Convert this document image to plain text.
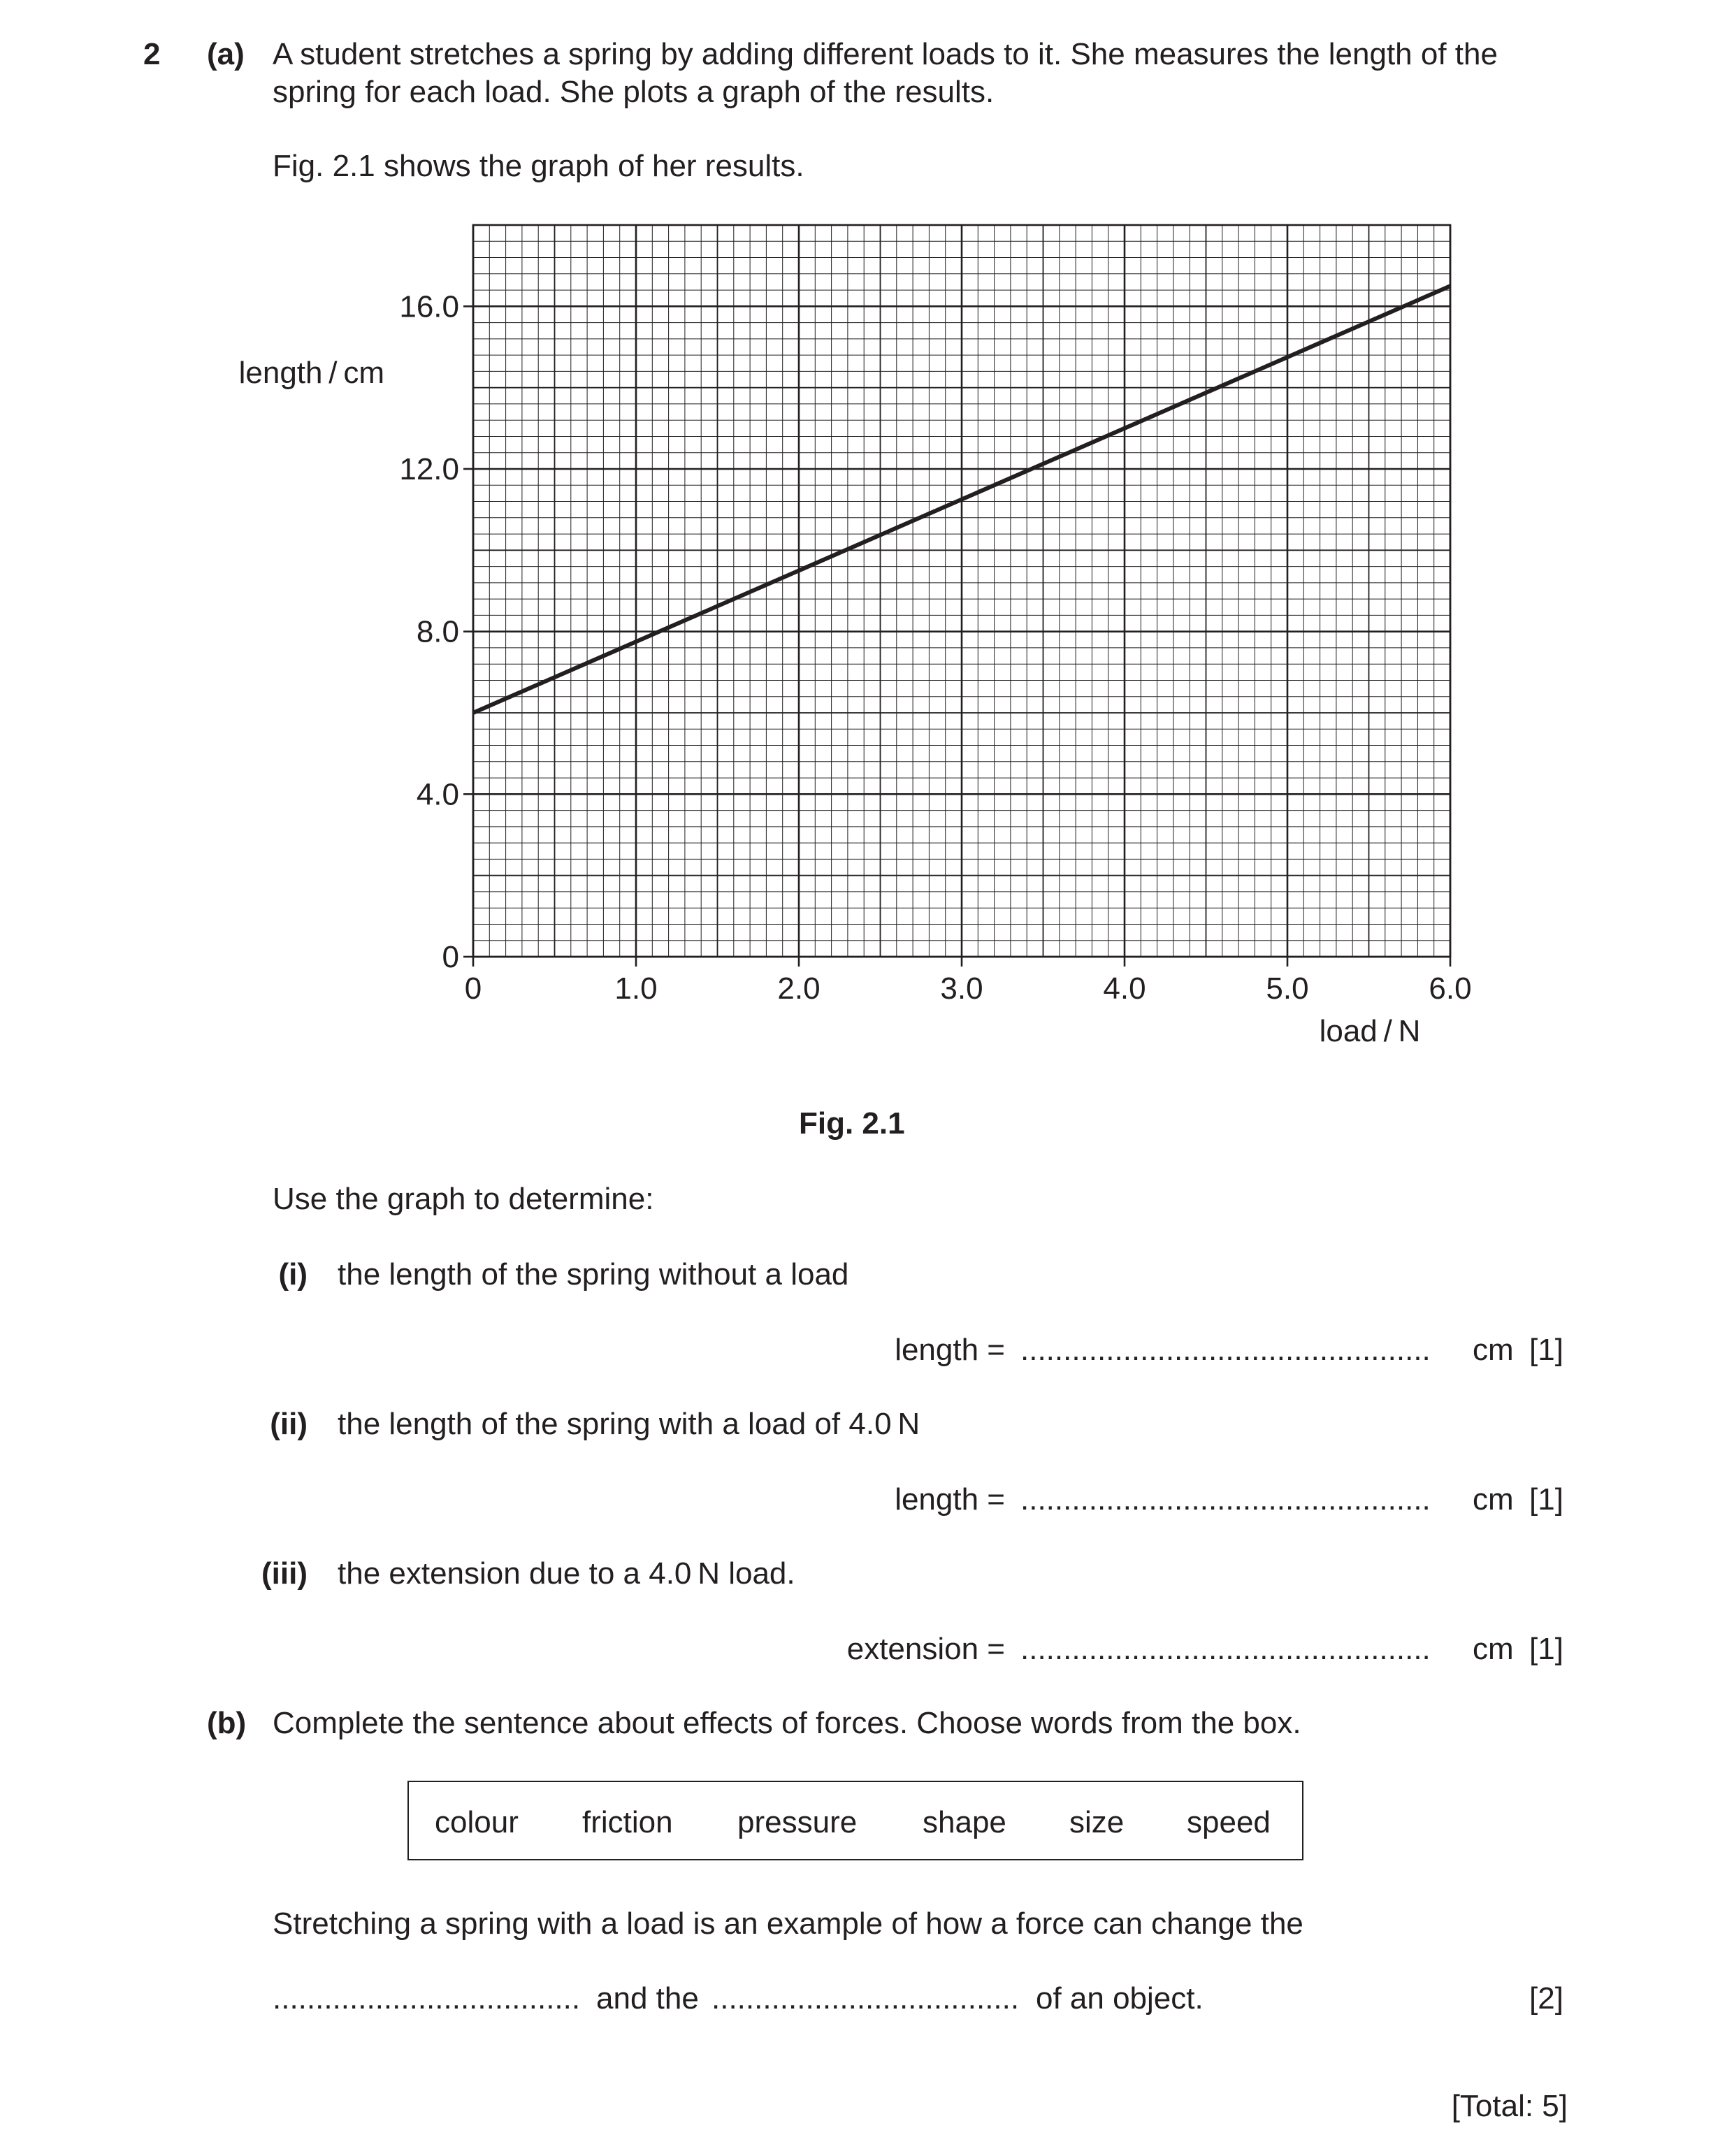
2 (a) A student stretches a spring by adding different loads to it. She measures the length of the
spring for each load. She plots a graph of the results.
Fig. 2.1 shows the graph of her results.
0	1.0	2.0	3.0	4.0	5.0	6.0
0
4.0
8.0
12.0
16.0
length / cm
load / N
Fig. 2.1
Use the graph to determine:
(i) the length of the spring without a load
length = ................................................ cm [1]
(ii) the length of the spring with a load of 4.0 N
length = ................................................ cm [1]
(iii) the extension due to a 4.0 N load.
extension = ................................................ cm [1]
(b) Complete the sentence about effects of forces. Choose words from the box.
colour friction pressure shape size speed
Stretching a spring with a load is an example of how a force can change the
.................................... and the .................................... of an object.	[2]
[Total: 5]
